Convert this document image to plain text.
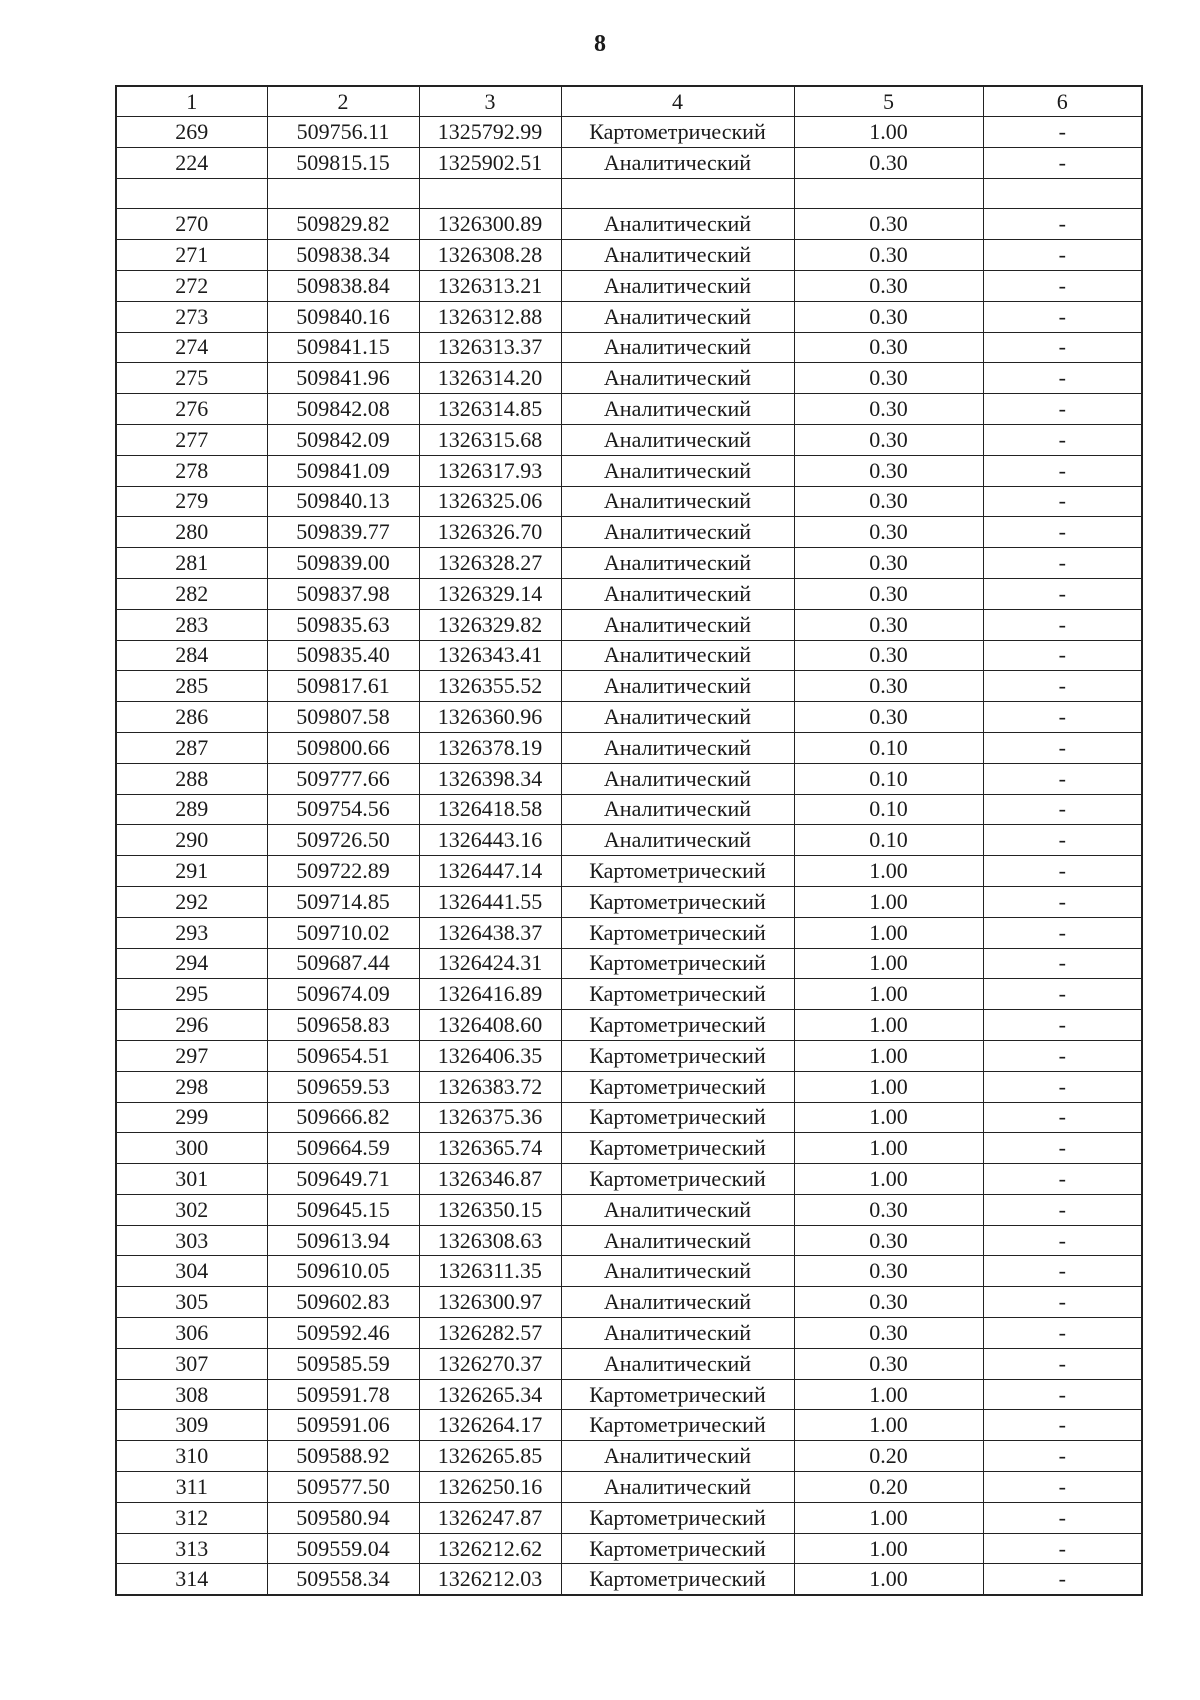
8
1	2	3	4	5	6
269	509756.11	1325792.99	Картометрический	1.00	-
224	509815.15	1325902.51	Аналитический	0.30	-

270	509829.82	1326300.89	Аналитический	0.30	-
271	509838.34	1326308.28	Аналитический	0.30	-
272	509838.84	1326313.21	Аналитический	0.30	-
273	509840.16	1326312.88	Аналитический	0.30	-
274	509841.15	1326313.37	Аналитический	0.30	-
275	509841.96	1326314.20	Аналитический	0.30	-
276	509842.08	1326314.85	Аналитический	0.30	-
277	509842.09	1326315.68	Аналитический	0.30	-
278	509841.09	1326317.93	Аналитический	0.30	-
279	509840.13	1326325.06	Аналитический	0.30	-
280	509839.77	1326326.70	Аналитический	0.30	-
281	509839.00	1326328.27	Аналитический	0.30	-
282	509837.98	1326329.14	Аналитический	0.30	-
283	509835.63	1326329.82	Аналитический	0.30	-
284	509835.40	1326343.41	Аналитический	0.30	-
285	509817.61	1326355.52	Аналитический	0.30	-
286	509807.58	1326360.96	Аналитический	0.30	-
287	509800.66	1326378.19	Аналитический	0.10	-
288	509777.66	1326398.34	Аналитический	0.10	-
289	509754.56	1326418.58	Аналитический	0.10	-
290	509726.50	1326443.16	Аналитический	0.10	-
291	509722.89	1326447.14	Картометрический	1.00	-
292	509714.85	1326441.55	Картометрический	1.00	-
293	509710.02	1326438.37	Картометрический	1.00	-
294	509687.44	1326424.31	Картометрический	1.00	-
295	509674.09	1326416.89	Картометрический	1.00	-
296	509658.83	1326408.60	Картометрический	1.00	-
297	509654.51	1326406.35	Картометрический	1.00	-
298	509659.53	1326383.72	Картометрический	1.00	-
299	509666.82	1326375.36	Картометрический	1.00	-
300	509664.59	1326365.74	Картометрический	1.00	-
301	509649.71	1326346.87	Картометрический	1.00	-
302	509645.15	1326350.15	Аналитический	0.30	-
303	509613.94	1326308.63	Аналитический	0.30	-
304	509610.05	1326311.35	Аналитический	0.30	-
305	509602.83	1326300.97	Аналитический	0.30	-
306	509592.46	1326282.57	Аналитический	0.30	-
307	509585.59	1326270.37	Аналитический	0.30	-
308	509591.78	1326265.34	Картометрический	1.00	-
309	509591.06	1326264.17	Картометрический	1.00	-
310	509588.92	1326265.85	Аналитический	0.20	-
311	509577.50	1326250.16	Аналитический	0.20	-
312	509580.94	1326247.87	Картометрический	1.00	-
313	509559.04	1326212.62	Картометрический	1.00	-
314	509558.34	1326212.03	Картометрический	1.00	-
